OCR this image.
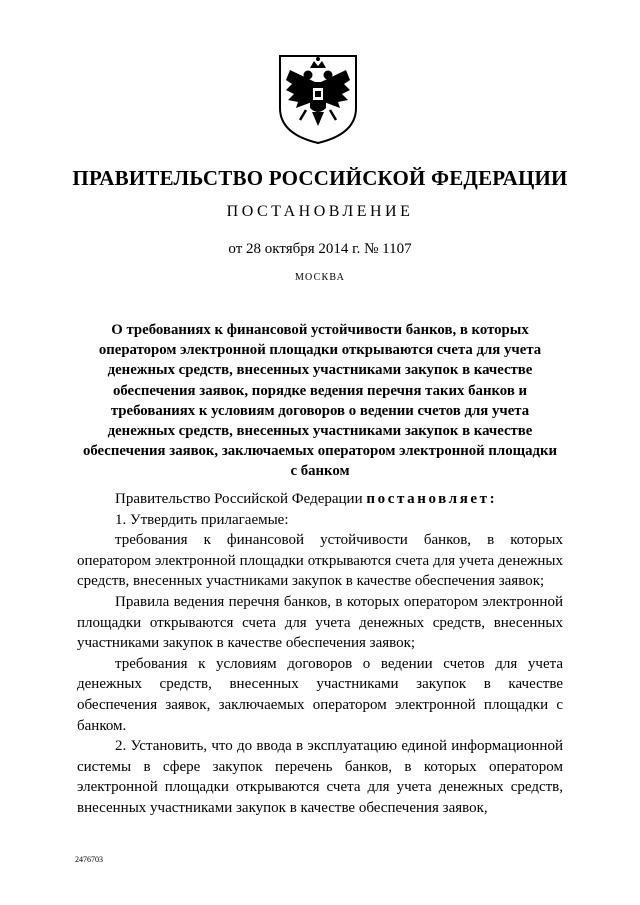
ПРАВИТЕЛЬСТВО РОССИЙСКОЙ ФЕДЕРАЦИИ
ПОСТАНОВЛЕНИЕ
от 28 октября 2014 г. № 1107
МОСКВА
О требованиях к финансовой устойчивости банков, в которых оператором электронной площадки открываются счета для учета денежных средств, внесенных участниками закупок в качестве обеспечения заявок, порядке ведения перечня таких банков и требованиях к условиям договоров о ведении счетов для учета денежных средств, внесенных участниками закупок в качестве обеспечения заявок, заключаемых оператором электронной площадки с банком

Правительство Российской Федерации постановляет:

1. Утвердить прилагаемые:

требования к финансовой устойчивости банков, в которых оператором электронной площадки открываются счета для учета денежных средств, внесенных участниками закупок в качестве обеспечения заявок;

Правила ведения перечня банков, в которых оператором электронной площадки открываются счета для учета денежных средств, внесенных участниками закупок в качестве обеспечения заявок;

требования к условиям договоров о ведении счетов для учета денежных средств, внесенных участниками закупок в качестве обеспечения заявок, заключаемых оператором электронной площадки с банком.

2. Установить, что до ввода в эксплуатацию единой информационной системы в сфере закупок перечень банков, в которых оператором электронной площадки открываются счета для учета денежных средств, внесенных участниками закупок в качестве обеспечения заявок,

2476703
